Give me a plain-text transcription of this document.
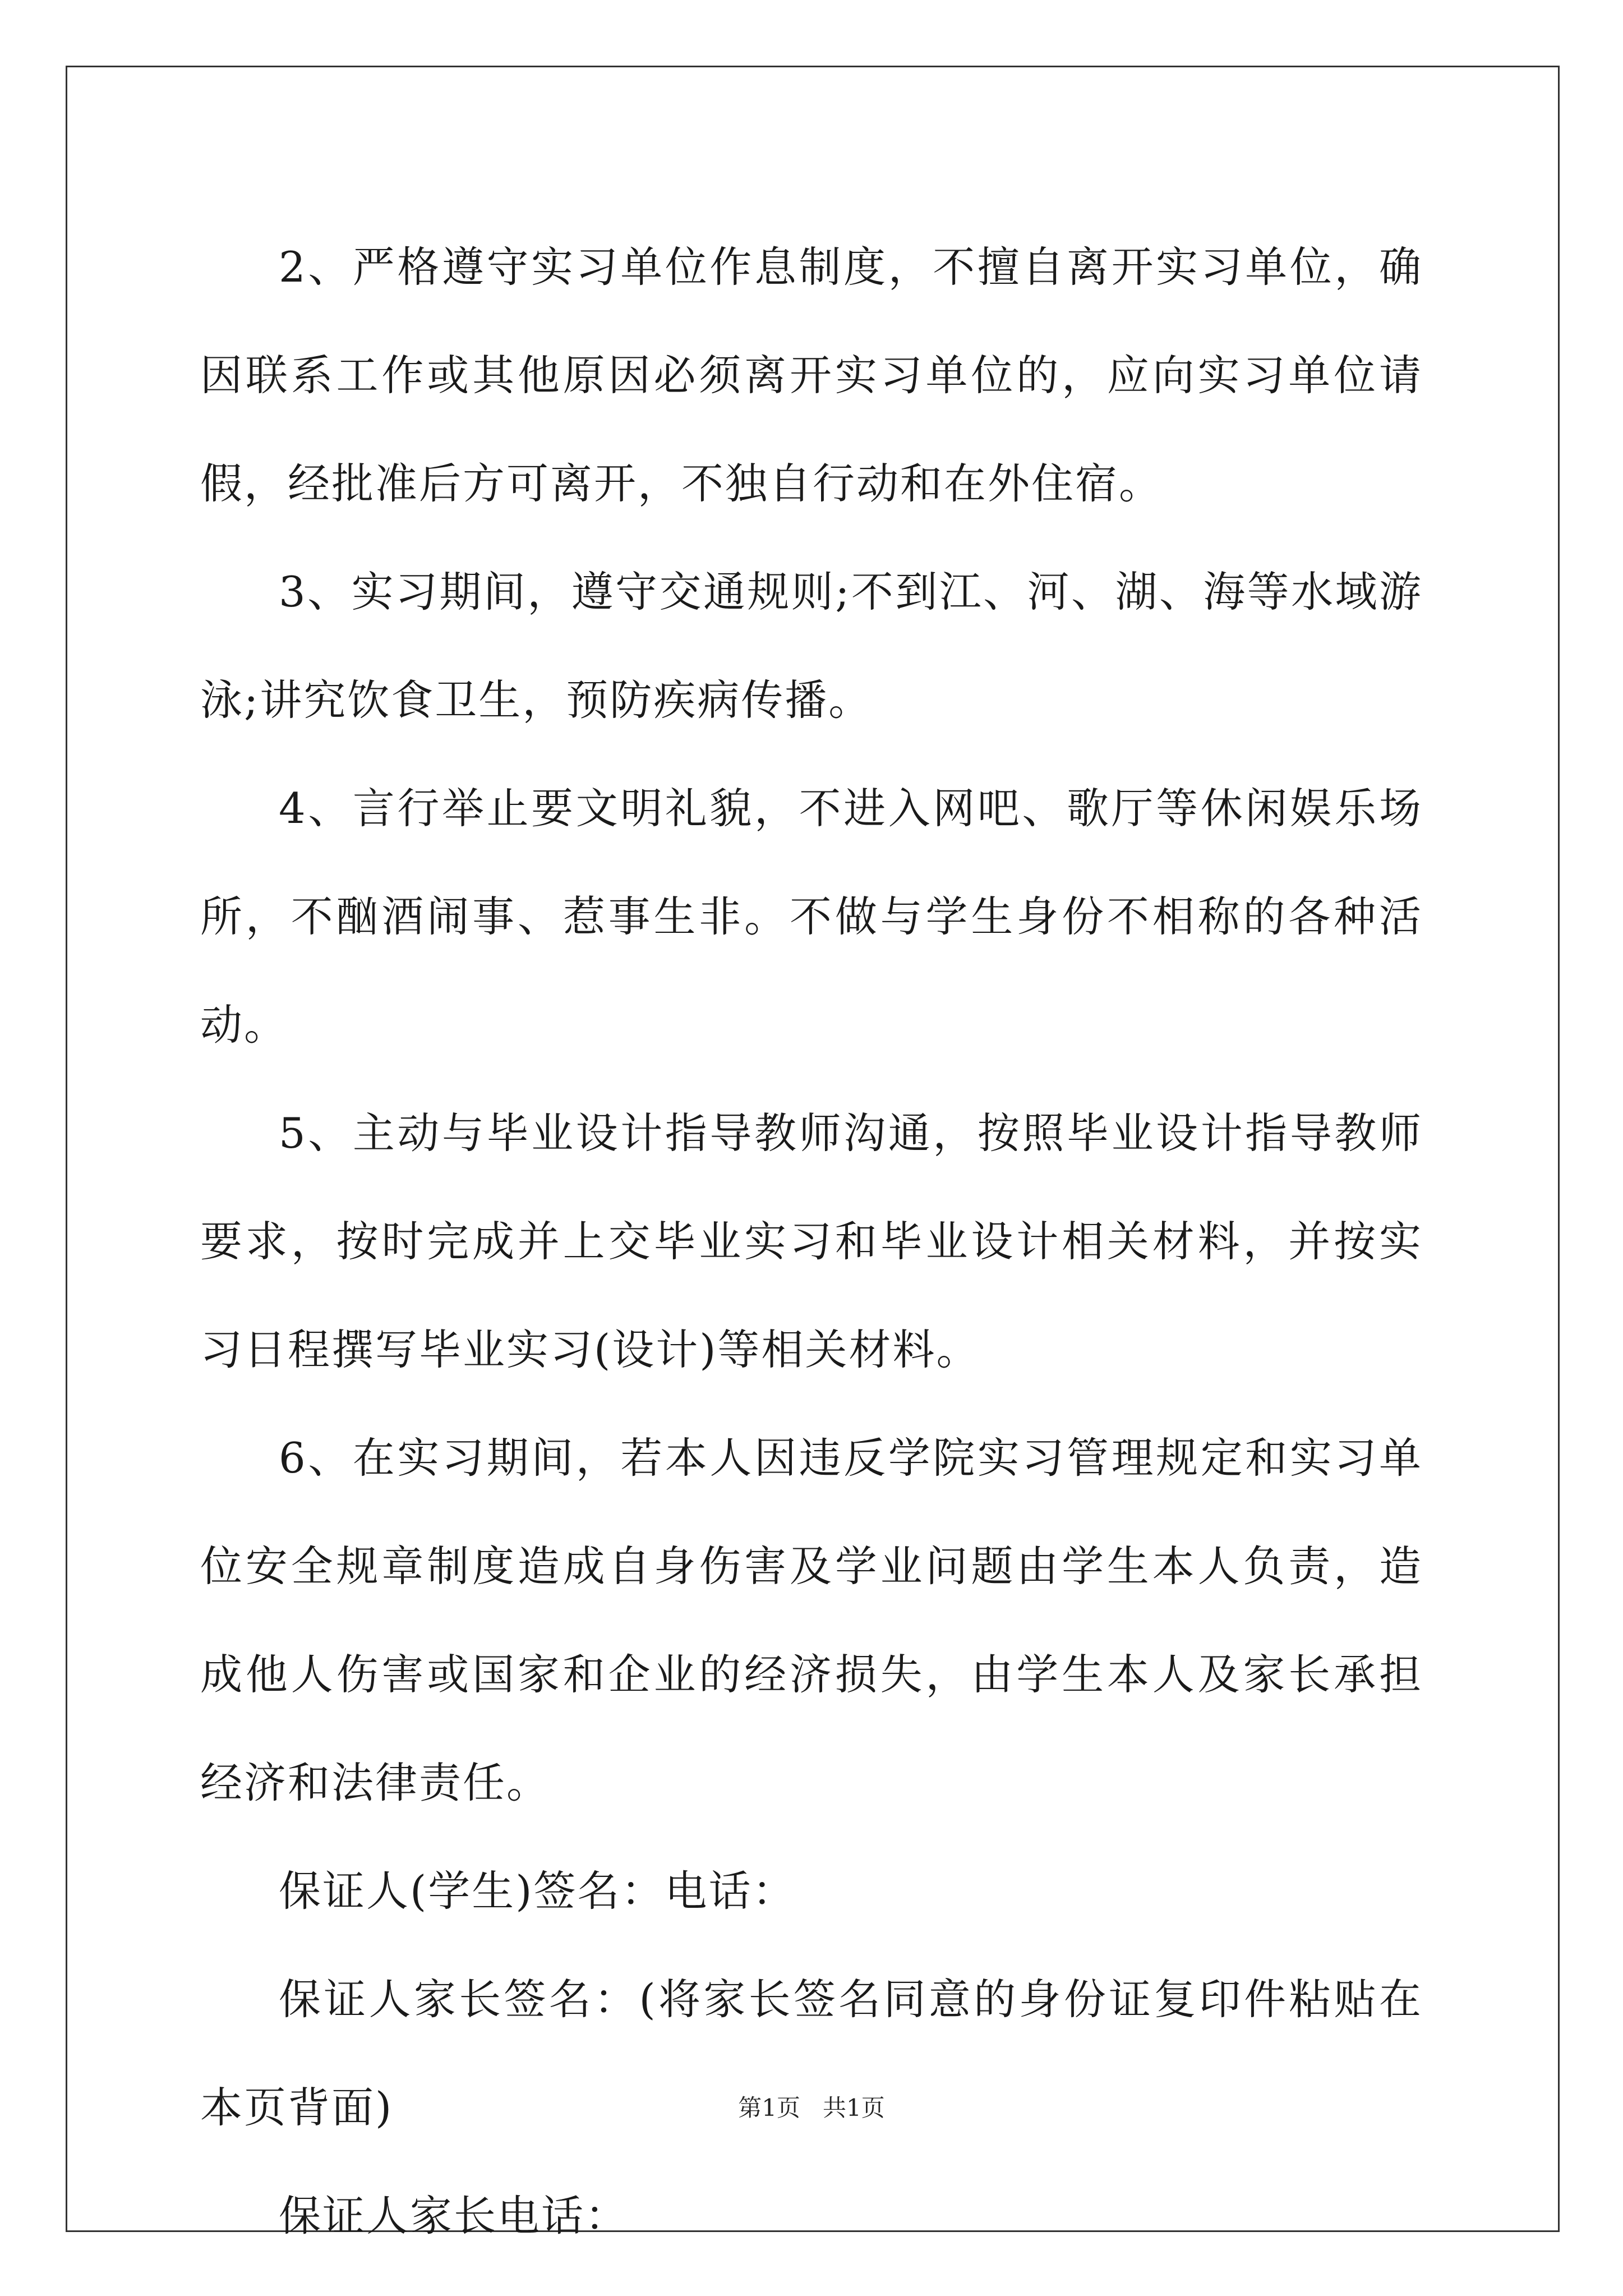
2、严格遵守实习单位作息制度，不擅自离开实习单位，确因联系工作或其他原因必须离开实习单位的，应向实习单位请假，经批准后方可离开，不独自行动和在外住宿。

3、实习期间，遵守交通规则;不到江、河、湖、海等水域游泳;讲究饮食卫生，预防疾病传播。

4、言行举止要文明礼貌，不进入网吧、歌厅等休闲娱乐场所，不酗酒闹事、惹事生非。不做与学生身份不相称的各种活动。

5、主动与毕业设计指导教师沟通，按照毕业设计指导教师要求，按时完成并上交毕业实习和毕业设计相关材料，并按实习日程撰写毕业实习(设计)等相关材料。

6、在实习期间，若本人因违反学院实习管理规定和实习单位安全规章制度造成自身伤害及学业问题由学生本人负责，造成他人伤害或国家和企业的经济损失，由学生本人及家长承担经济和法律责任。

保证人(学生)签名：电话：

保证人家长签名：(将家长签名同意的身份证复印件粘贴在本页背面)

保证人家长电话：

第1页 共1页
